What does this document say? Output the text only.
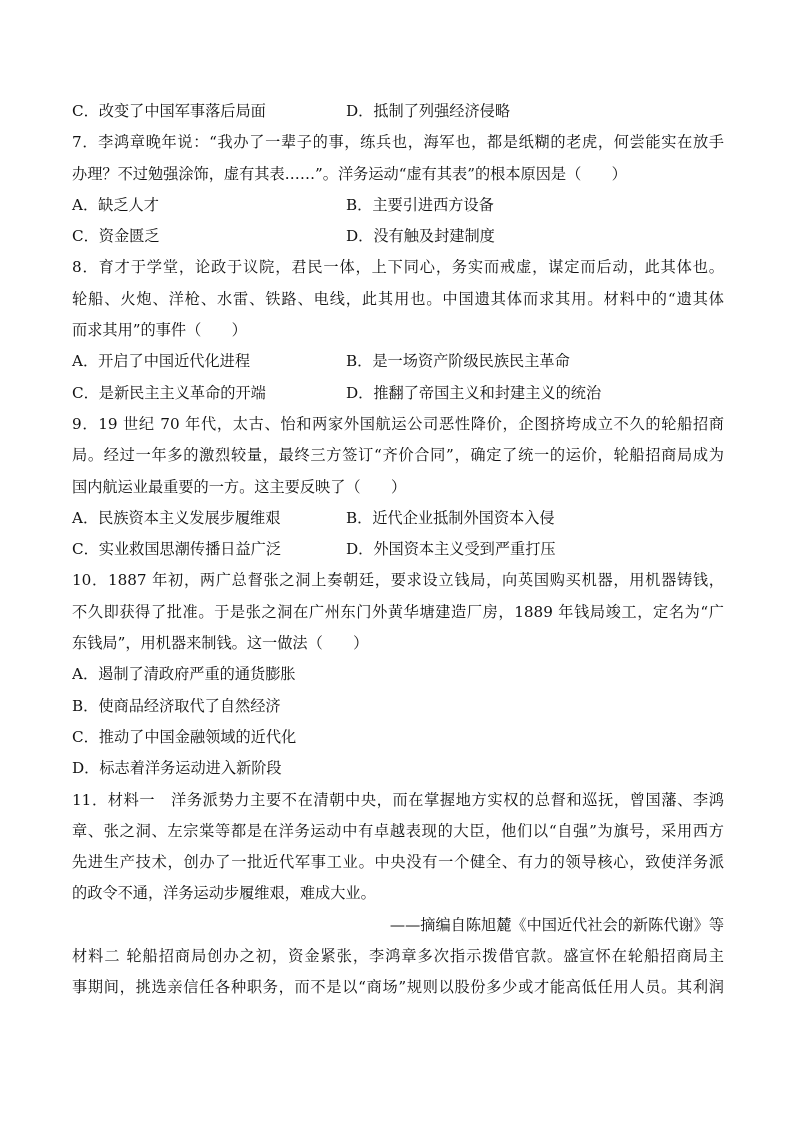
C．改变了中国军事落后局面	D．抵制了列强经济侵略
7．李鸿章晚年说：“我办了一辈子的事，练兵也，海军也，都是纸糊的老虎，何尝能实在放手
办理？不过勉强涂饰，虚有其表……”。洋务运动“虚有其表”的根本原因是（　　）
A．缺乏人才	B．主要引进西方设备
C．资金匮乏	D．没有触及封建制度
8．育才于学堂，论政于议院，君民一体，上下同心，务实而戒虚，谋定而后动，此其体也。
轮船、火炮、洋枪、水雷、铁路、电线，此其用也。中国遗其体而求其用。材料中的“遗其体
而求其用”的事件（　　）
A．开启了中国近代化进程	B．是一场资产阶级民族民主革命
C．是新民主主义革命的开端	D．推翻了帝国主义和封建主义的统治
9．19 世纪 70 年代，太古、怡和两家外国航运公司恶性降价，企图挤垮成立不久的轮船招商
局。经过一年多的激烈较量，最终三方签订“齐价合同”，确定了统一的运价，轮船招商局成为
国内航运业最重要的一方。这主要反映了（　　）
A．民族资本主义发展步履维艰	B．近代企业抵制外国资本入侵
C．实业救国思潮传播日益广泛	D．外国资本主义受到严重打压
10．1887 年初，两广总督张之洞上奏朝廷，要求设立钱局，向英国购买机器，用机器铸钱，
不久即获得了批准。于是张之洞在广州东门外黄华塘建造厂房，1889 年钱局竣工，定名为“广
东钱局”，用机器来制钱。这一做法（　　）
A．遏制了清政府严重的通货膨胀
B．使商品经济取代了自然经济
C．推动了中国金融领域的近代化
D．标志着洋务运动进入新阶段
11．材料一　洋务派势力主要不在清朝中央，而在掌握地方实权的总督和巡抚，曾国藩、李鸿
章、张之洞、左宗棠等都是在洋务运动中有卓越表现的大臣，他们以“自强”为旗号，采用西方
先进生产技术，创办了一批近代军事工业。中央没有一个健全、有力的领导核心，致使洋务派
的政令不通，洋务运动步履维艰，难成大业。
——摘编自陈旭麓《中国近代社会的新陈代谢》等
材料二 轮船招商局创办之初，资金紧张，李鸿章多次指示拨借官款。盛宣怀在轮船招商局主
事期间，挑选亲信任各种职务，而不是以“商场”规则以股份多少或才能高低任用人员。其利润
